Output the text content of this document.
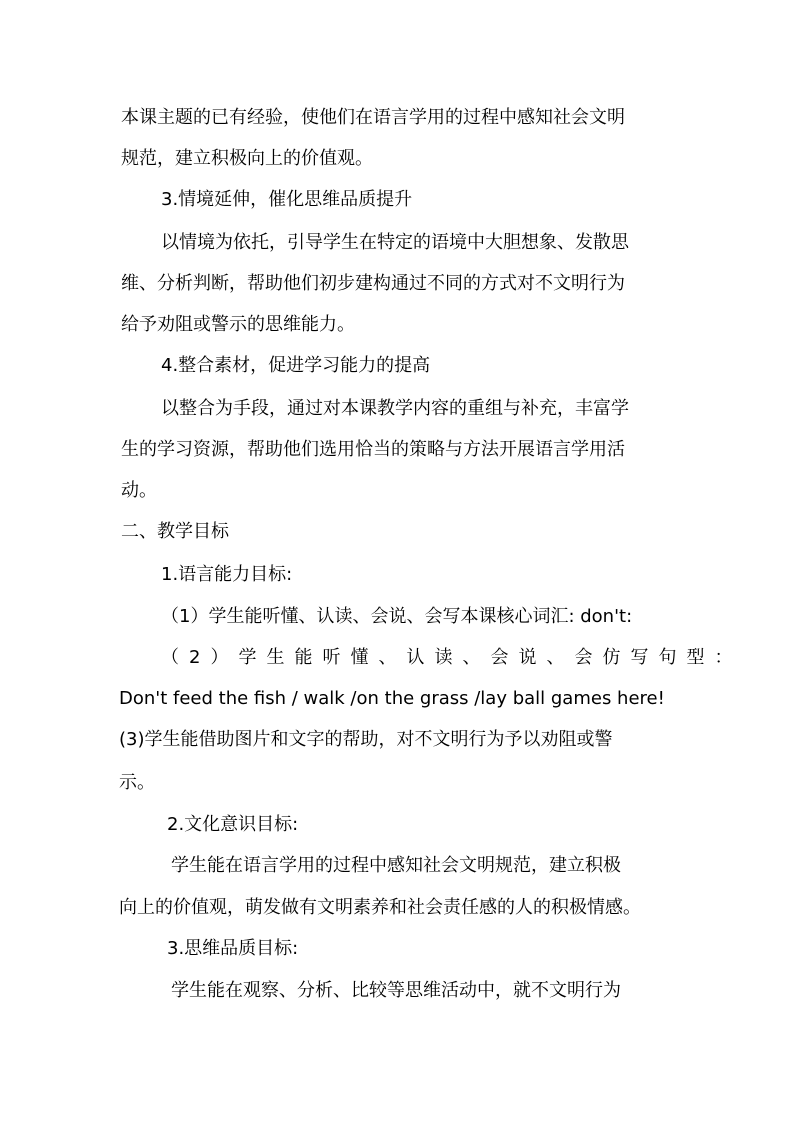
本课主题的已有经验，使他们在语言学用的过程中感知社会文明

规范，建立积极向上的价值观。

3.情境延伸，催化思维品质提升

以情境为依托，引导学生在特定的语境中大胆想象、发散思

维、分析判断，帮助他们初步建构通过不同的方式对不文明行为

给予劝阻或警示的思维能力。

4.整合素材，促进学习能力的提高

以整合为手段，通过对本课教学内容的重组与补充，丰富学

生的学习资源，帮助他们选用恰当的策略与方法开展语言学用活

动。

二、教学目标

1.语言能力目标:

（1）学生能听懂、认读、会说、会写本课核心词汇: don't:

（2）学生能听懂、认读、会说、会仿写句型：

Don't feed the fish / walk /on the grass /lay ball games here!

(3)学生能借助图片和文字的帮助，对不文明行为予以劝阻或警

示。

2.文化意识目标:

学生能在语言学用的过程中感知社会文明规范，建立积极

向上的价值观，萌发做有文明素养和社会责任感的人的积极情感。

3.思维品质目标:

学生能在观察、分析、比较等思维活动中，就不文明行为
